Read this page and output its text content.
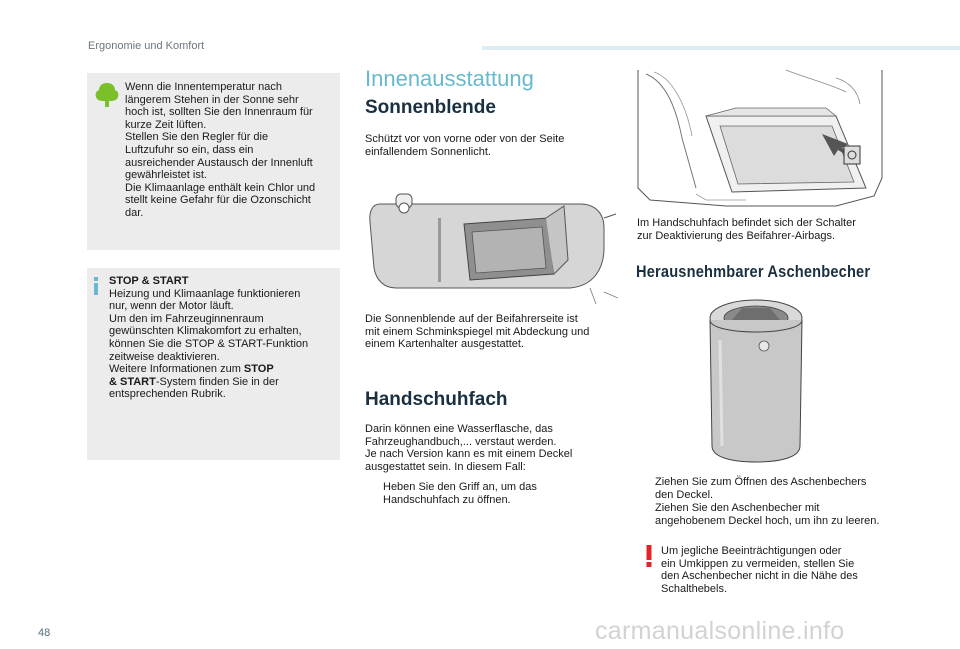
Ergonomie und Komfort
Wenn die Innentemperatur nach
längerem Stehen in der Sonne sehr
hoch ist, sollten Sie den Innenraum für
kurze Zeit lüften.
Stellen Sie den Regler für die
Luftzufuhr so ein, dass ein
ausreichender Austausch der Innenluft
gewährleistet ist.
Die Klimaanlage enthält kein Chlor und
stellt keine Gefahr für die Ozonschicht
dar.
STOP & START
Heizung und Klimaanlage funktionieren
nur, wenn der Motor läuft.
Um den im Fahrzeuginnenraum
gewünschten Klimakomfort zu erhalten,
können Sie die STOP & START-Funktion
zeitweise deaktivieren.
Weitere Informationen zum STOP
& START-System finden Sie in der
entsprechenden Rubrik.
Innenausstattung
Sonnenblende
Schützt vor von vorne oder von der Seite
einfallendem Sonnenlicht.
Die Sonnenblende auf der Beifahrerseite ist
mit einem Schminkspiegel mit Abdeckung und
einem Kartenhalter ausgestattet.
Handschuhfach
Darin können eine Wasserflasche, das
Fahrzeughandbuch,... verstaut werden.
Je nach Version kann es mit einem Deckel
ausgestattet sein. In diesem Fall:
Heben Sie den Griff an, um das
Handschuhfach zu öffnen.
Im Handschuhfach befindet sich der Schalter
zur Deaktivierung des Beifahrer-Airbags.
Herausnehmbarer Aschenbecher
Ziehen Sie zum Öffnen des Aschenbechers
den Deckel.
Ziehen Sie den Aschenbecher mit
angehobenem Deckel hoch, um ihn zu leeren.
Um jegliche Beeinträchtigungen oder
ein Umkippen zu vermeiden, stellen Sie
den Aschenbecher nicht in die Nähe des
Schalthebels.
48	carmanualsonline.info
